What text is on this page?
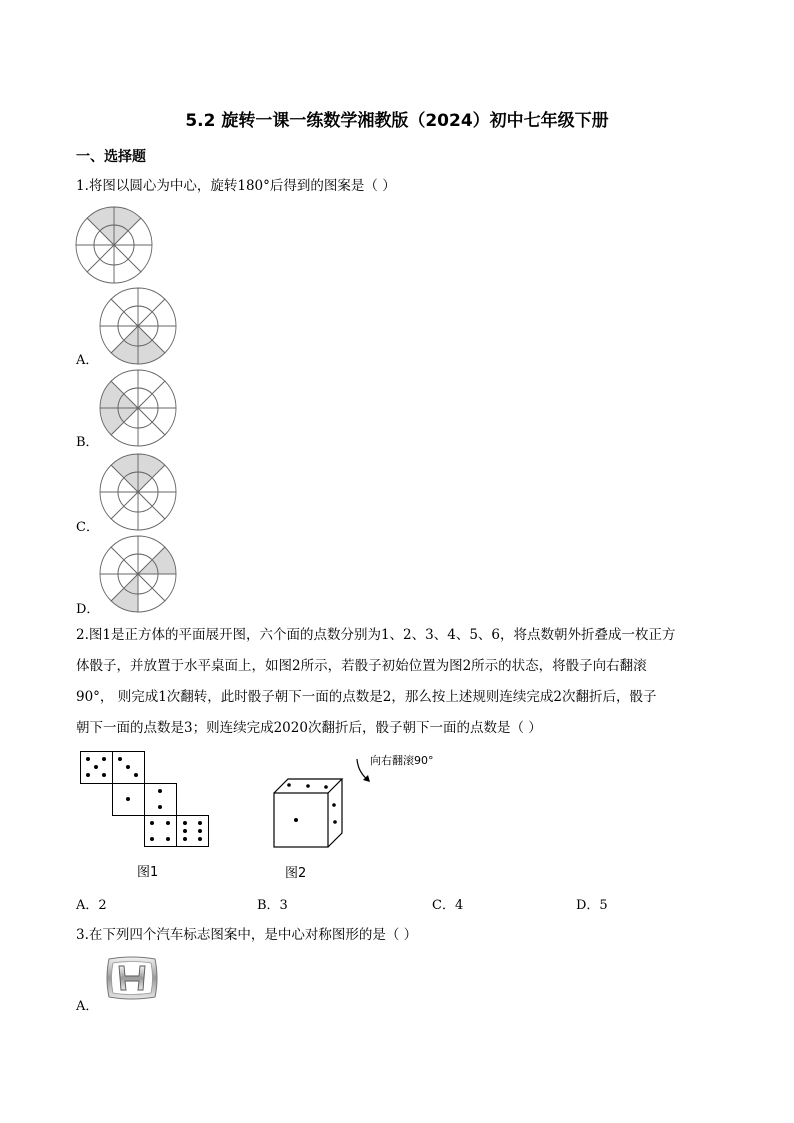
5.2 旋转一课一练数学湘教版（2024）初中七年级下册
一、选择题
1.将图以圆心为中心，旋转180°后得到的图案是（ ）
A．
B．
C．
D．
2.图1是正方体的平面展开图，六个面的点数分别为1、2、3、4、5、6，将点数朝外折叠成一枚正方
体骰子，并放置于水平桌面上，如图2所示，若骰子初始位置为图2所示的状态，将骰子向右翻滚
90°， 则完成1次翻转，此时骰子朝下一面的点数是2，那么按上述规则连续完成2次翻折后，骰子
朝下一面的点数是3；则连续完成2020次翻折后，骰子朝下一面的点数是（ ）
图1
向右翻滚90°
图2
A．2	B．3	C．4	D．5
3.在下列四个汽车标志图案中，是中心对称图形的是（ ）
A．
